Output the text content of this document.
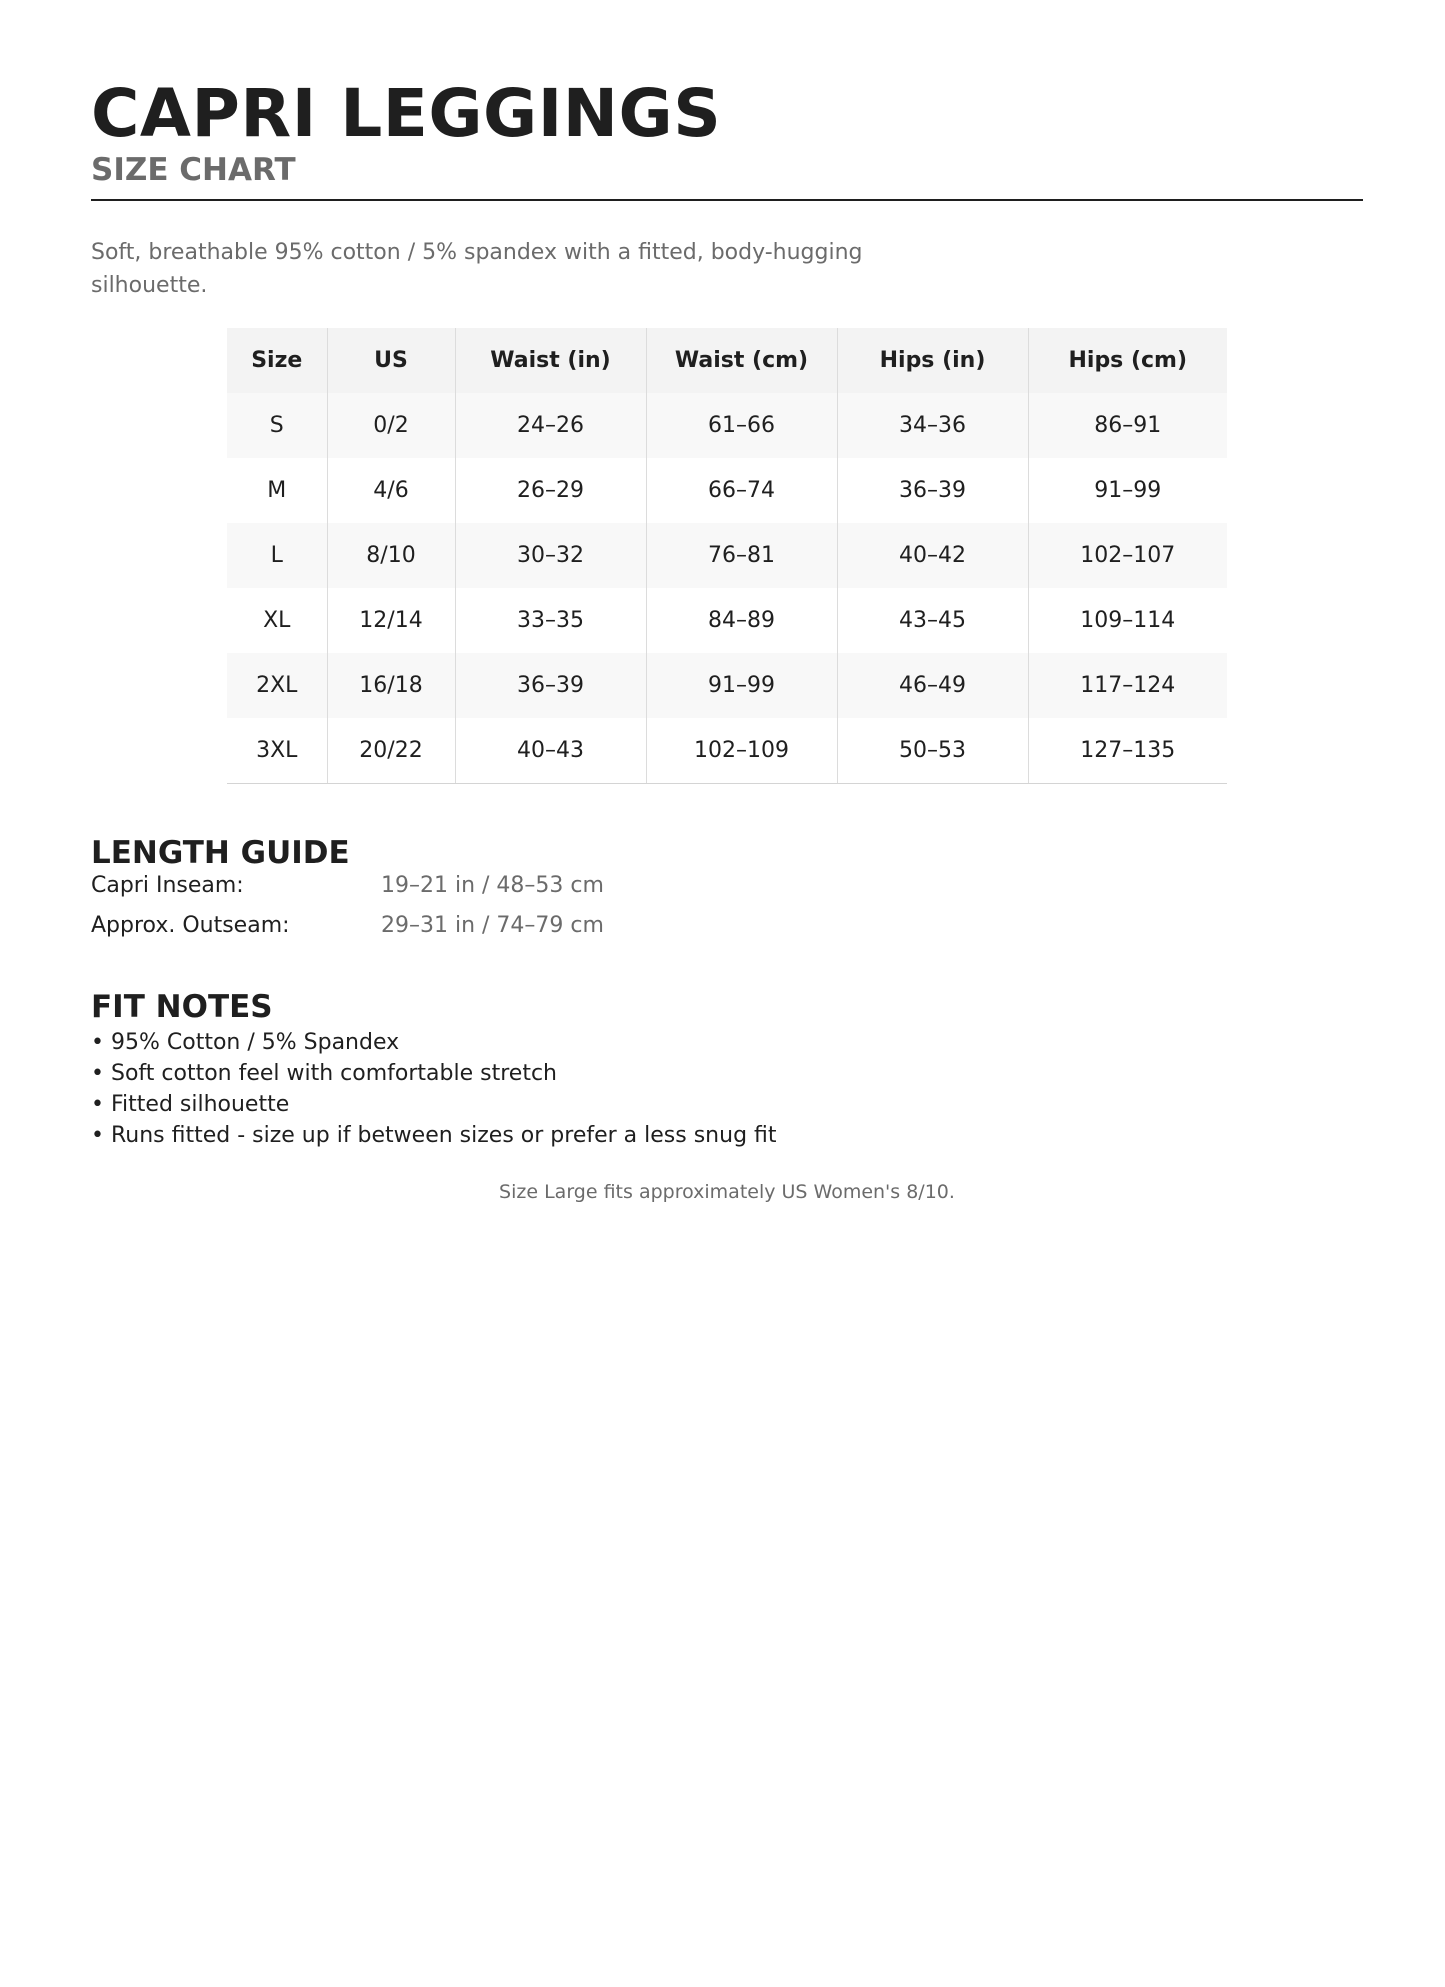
CAPRI LEGGINGS
SIZE CHART

Soft, breathable 95% cotton / 5% spandex with a fitted, body-hugging silhouette.

Size	US	Waist (in)	Waist (cm)	Hips (in)	Hips (cm)
S	0/2	24–26	61–66	34–36	86–91
M	4/6	26–29	66–74	36–39	91–99
L	8/10	30–32	76–81	40–42	102–107
XL	12/14	33–35	84–89	43–45	109–114
2XL	16/18	36–39	91–99	46–49	117–124
3XL	20/22	40–43	102–109	50–53	127–135
LENGTH GUIDE
Capri Inseam:	19–21 in / 48–53 cm
Approx. Outseam:	29–31 in / 74–79 cm
FIT NOTES
• 95% Cotton / 5% Spandex
• Soft cotton feel with comfortable stretch
• Fitted silhouette
• Runs fitted - size up if between sizes or prefer a less snug fit

Size Large fits approximately US Women's 8/10.
